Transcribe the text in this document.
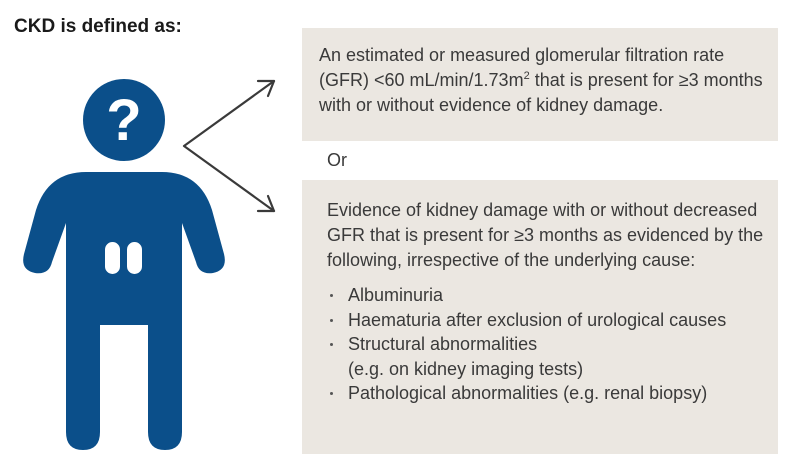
CKD is defined as:
?
An estimated or measured glomerular filtration rate (GFR) <60 $mL/\min/1.73m^2$ that is present for ≥3 months with or without evidence of kidney damage.
Or
Evidence of kidney damage with or without decreased GFR that is present for ≥3 months as evidenced by the following, irrespective of the underlying cause:
Albuminuria
Haematuria after exclusion of urological causes
Structural abnormalities
(e.g. on kidney imaging tests)
Pathological abnormalities (e.g. renal biopsy)
